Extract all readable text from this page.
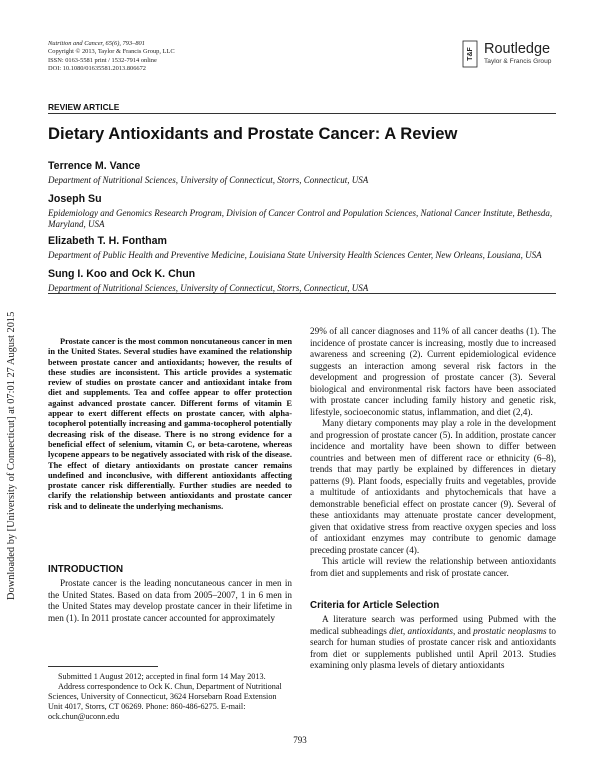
Downloaded by [University of Connecticut] at 07:01 27 August 2015
Nutrition and Cancer, 65(6), 793–801
Copyright © 2013, Taylor & Francis Group, LLC
ISSN: 0163-5581 print / 1532-7914 online
DOI: 10.1080/01635581.2013.806672
T&F Routledge
Taylor & Francis Group
REVIEW ARTICLE
Dietary Antioxidants and Prostate Cancer: A Review
Terrence M. Vance
Department of Nutritional Sciences, University of Connecticut, Storrs, Connecticut, USA
Joseph Su
Epidemiology and Genomics Research Program, Division of Cancer Control and Population Sciences, National Cancer Institute, Bethesda, Maryland, USA
Elizabeth T. H. Fontham
Department of Public Health and Preventive Medicine, Louisiana State University Health Sciences Center, New Orleans, Lousiana, USA
Sung I. Koo and Ock K. Chun
Department of Nutritional Sciences, University of Connecticut, Storrs, Connecticut, USA

Prostate cancer is the most common noncutaneous cancer in men in the United States. Several studies have examined the relationship between prostate cancer and antioxidants; however, the results of these studies are inconsistent. This article provides a systematic review of studies on prostate cancer and antioxidant intake from diet and supplements. Tea and coffee appear to offer protection against advanced prostate cancer. Different forms of vitamin E appear to exert different effects on prostate cancer, with alpha-tocopherol potentially increasing and gamma-tocopherol potentially decreasing risk of the disease. There is no strong evidence for a beneficial effect of selenium, vitamin C, or beta-carotene, whereas lycopene appears to be negatively associated with risk of the disease. The effect of dietary antioxidants on prostate cancer remains undefined and inconclusive, with different antioxidants affecting prostate cancer risk differentially. Further studies are needed to clarify the relationship between antioxidants and prostate cancer risk and to delineate the underlying mechanisms.

INTRODUCTION

Prostate cancer is the leading noncutaneous cancer in men in the United States. Based on data from 2005–2007, 1 in 6 men in the United States may develop prostate cancer in their lifetime in men (1). In 2011 prostate cancer accounted for approximately

Submitted 1 August 2012; accepted in final form 14 May 2013.

Address correspondence to Ock K. Chun, Department of Nutritional Sciences, University of Connecticut, 3624 Horsebarn Road Extension Unit 4017, Storrs, CT 06269. Phone: 860-486-6275. E-mail: ock.chun@uconn.edu

29% of all cancer diagnoses and 11% of all cancer deaths (1). The incidence of prostate cancer is increasing, mostly due to increased awareness and screening (2). Current epidemiological evidence suggests an interaction among several risk factors in the development and progression of prostate cancer (3). Several biological and environmental risk factors have been associated with prostate cancer including family history and genetic risk, lifestyle, socioeconomic status, inflammation, and diet (2,4).

Many dietary components may play a role in the development and progression of prostate cancer (5). In addition, prostate cancer incidence and mortality have been shown to differ between countries and between men of different race or ethnicity (6–8), trends that may partly be explained by differences in dietary patterns (9). Plant foods, especially fruits and vegetables, provide a multitude of antioxidants and phytochemicals that have a demonstrable beneficial effect on prostate cancer (9). Several of these antioxidants may attenuate prostate cancer development, given that oxidative stress from reactive oxygen species and loss of antioxidant enzymes may contribute to genomic damage preceding prostate cancer (4).

This article will review the relationship between antioxidants from diet and supplements and risk of prostate cancer.

Criteria for Article Selection

A literature search was performed using Pubmed with the medical subheadings diet, antioxidants, and prostatic neoplasms to search for human studies of prostate cancer risk and antioxidants from diet or supplements published until April 2013. Studies examining only plasma levels of dietary antioxidants

793
